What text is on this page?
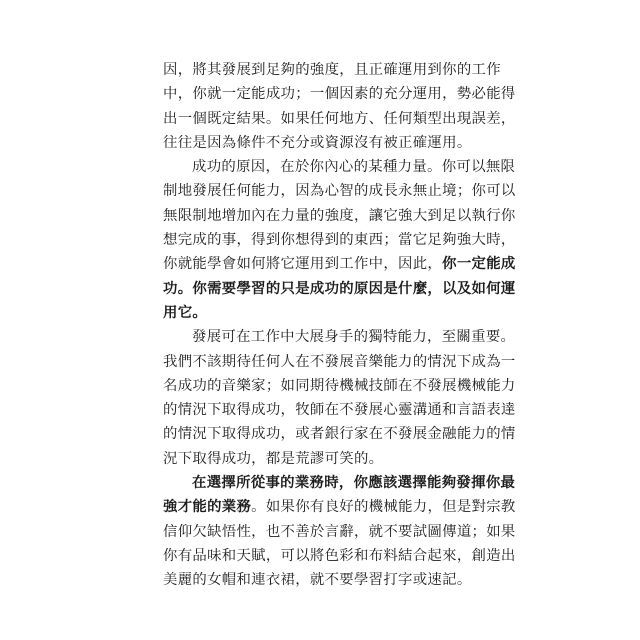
因，將其發展到足夠的強度，且正確運用到你的工作
中，你就一定能成功；一個因素的充分運用，勢必能得
出一個既定結果。如果任何地方、任何類型出現誤差，
往往是因為條件不充分或資源沒有被正確運用。
成功的原因，在於你內心的某種力量。你可以無限
制地發展任何能力，因為心智的成長永無止境；你可以
無限制地增加內在力量的強度，讓它強大到足以執行你
想完成的事，得到你想得到的東西；當它足夠強大時，
你就能學會如何將它運用到工作中，因此，你一定能成
功。你需要學習的只是成功的原因是什麼，以及如何運
用它。
發展可在工作中大展身手的獨特能力，至關重要。
我們不該期待任何人在不發展音樂能力的情況下成為一
名成功的音樂家；如同期待機械技師在不發展機械能力
的情況下取得成功，牧師在不發展心靈溝通和言語表達
的情況下取得成功，或者銀行家在不發展金融能力的情
況下取得成功，都是荒謬可笑的。
在選擇所從事的業務時，你應該選擇能夠發揮你最
強才能的業務。如果你有良好的機械能力，但是對宗教
信仰欠缺悟性，也不善於言辭，就不要試圖傳道；如果
你有品味和天賦，可以將色彩和布料結合起來，創造出
美麗的女帽和連衣裙，就不要學習打字或速記。
